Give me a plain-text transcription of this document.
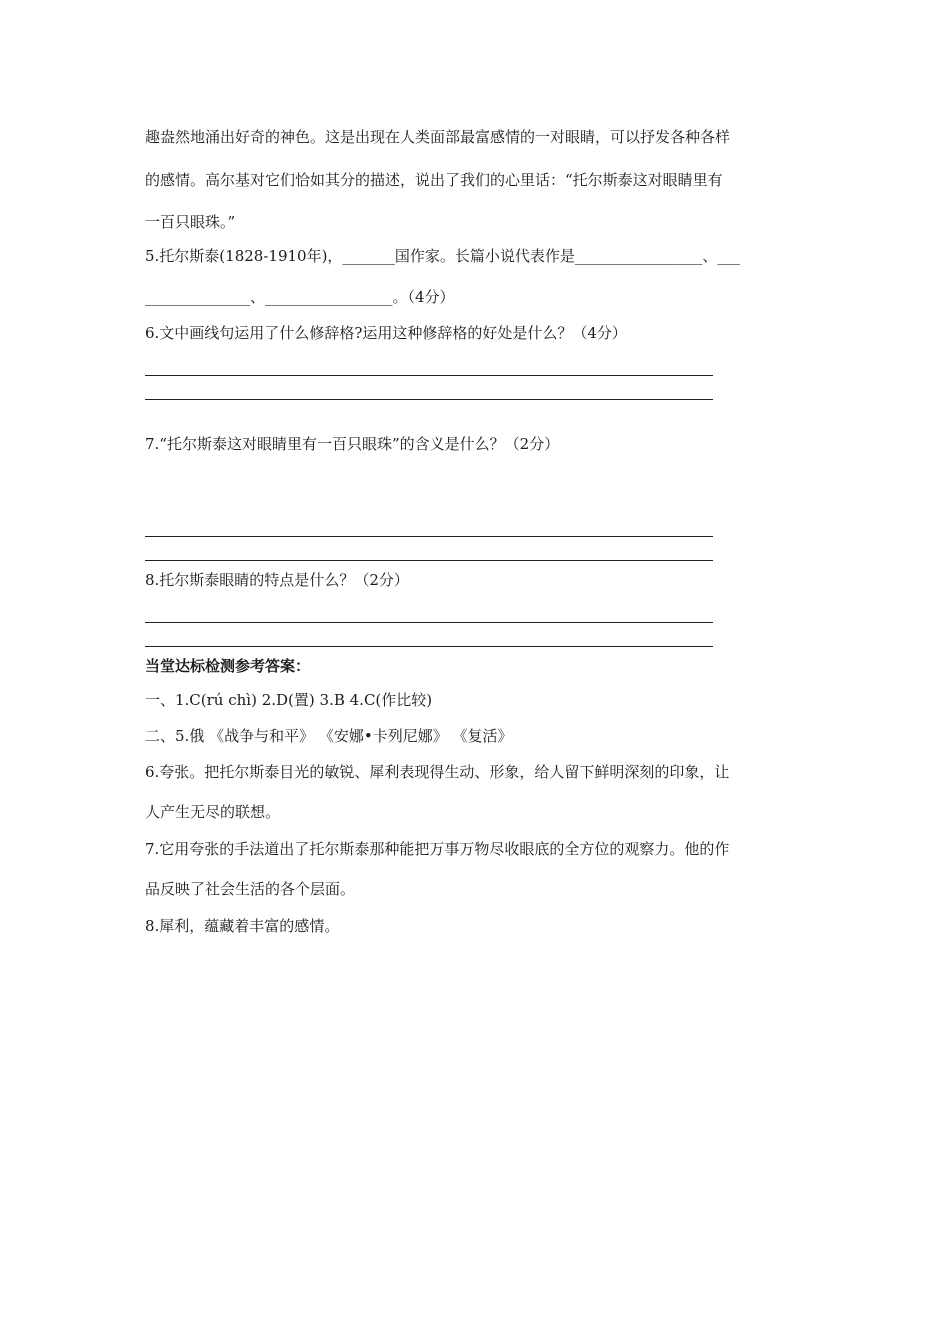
趣盎然地涌出好奇的神色。这是出现在人类面部最富感情的一对眼睛，可以抒发各种各样
的感情。高尔基对它们恰如其分的描述，说出了我们的心里话：“托尔斯泰这对眼睛里有
一百只眼珠。”
5.托尔斯泰(1828-1910年)，_______国作家。长篇小说代表作是_________________、___
______________、_________________。（4分）
6.文中画线句运用了什么修辞格?运用这种修辞格的好处是什么？（4分）
7.“托尔斯泰这对眼睛里有一百只眼珠”的含义是什么？（2分）
8.托尔斯泰眼睛的特点是什么？（2分）
当堂达标检测参考答案：
一、1.C(rú chì) 2.D(置) 3.B 4.C(作比较)
二、5.俄 《战争与和平》 《安娜•卡列尼娜》 《复活》
6.夸张。把托尔斯泰目光的敏锐、犀利表现得生动、形象，给人留下鲜明深刻的印象，让
人产生无尽的联想。
7.它用夸张的手法道出了托尔斯泰那种能把万事万物尽收眼底的全方位的观察力。他的作
品反映了社会生活的各个层面。
8.犀利，蕴藏着丰富的感情。
